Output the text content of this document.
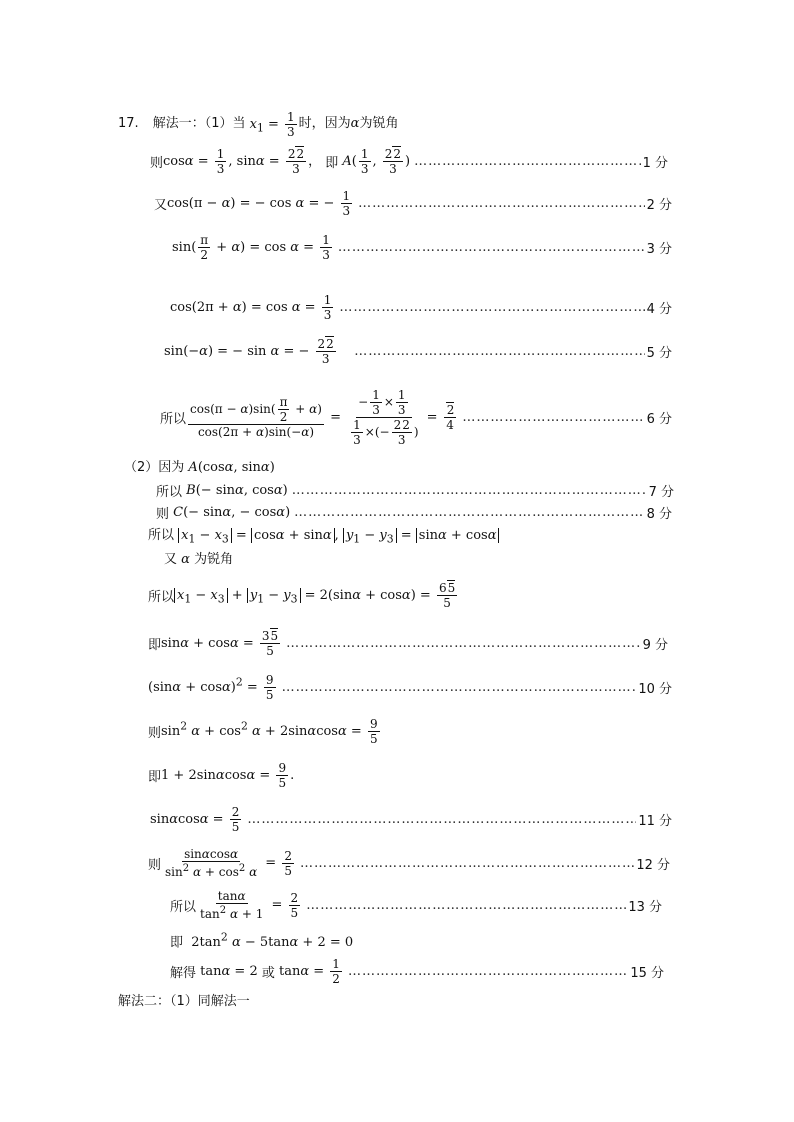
17. 解法一：（1）当 $x_1 = \frac{1}{3}$ 时，因为 α 为锐角
则 $\cos\alpha = \frac{1}{3}$ , $\sin\alpha = \frac{22}{3}$ ， 即 $A( \frac{1}{3}$ , $\frac{22}{3}$ ) ……………………………………………………………………………………………………………………………………………………………………	1 分
又 cos(π − α) = − cos α = − $\frac{1}{3}$ ……………………………………………………………………………………………………………………………………………………………………	2 分
$\sin( \frac{\pi}{2} + \alpha) = \cos \alpha = \frac{1}{3}$ ……………………………………………………………………………………………………………………………………………………………………	3 分
$\cos(2\pi + \alpha) = \cos \alpha = \frac{1}{3}$ ……………………………………………………………………………………………………………………………………………………………………	4 分
sin(−α) = − sin α = − $\frac{22}{3}$
……………………………………………………………………………………………………………………………………………………………………	5 分
所以 $\frac{\cos(\pi - \alpha)\sin( \frac{\pi}{2} + \alpha)}{\cos(2\pi + \alpha)\sin(-\alpha)} = \frac{- \frac{1}{3} \times \frac{1}{3}}{\frac{1}{3} \times(- \frac{22}{3} )} = \frac{2}{4}$ ……………………………………………………………………………………………………………………………………………………………………	6 分
（2）因为 A(cosα, sinα)
所以 B(− sinα, cosα) ……………………………………………………………………………………………………………………………………………………………………	7 分
则 C(− sinα, − cosα) ……………………………………………………………………………………………………………………………………………………………………	8 分
所以 $x_1 - x_3 = \cos\alpha + \sin\alpha$ , $y_1 - y_3 = \sin\alpha + \cos\alpha$
又 α 为锐角
所以 $x_1 - x_3 + y_1 - y_3 = 2(\sin\alpha + \cos\alpha) = \frac{65}{5}$
即 $\sin\alpha + \cos\alpha = \frac{35}{5}$ ……………………………………………………………………………………………………………………………………………………………………	9 分
$(\sin\alpha + \cos\alpha)^2 = \frac{9}{5}$ ……………………………………………………………………………………………………………………………………………………………………	10 分
则 $\sin^2 \alpha + \cos^2 \alpha + 2\sin\alpha\cos\alpha = \frac{9}{5}$
即 $1 + 2\sin\alpha\cos\alpha = \frac{9}{5}$ .
$\sin\alpha\cos\alpha = \frac{2}{5}$ ……………………………………………………………………………………………………………………………………………………………………	11 分
则 $\frac{\sin\alpha\cos\alpha}{\sin^2 \alpha + \cos^2 \alpha} = \frac{2}{5}$ ……………………………………………………………………………………………………………………………………………………………………	12 分
所以 $\frac{\tan\alpha}{\tan^2 \alpha + 1} = \frac{2}{5}$ ……………………………………………………………………………………………………………………………………………………………………	13 分
即  $2\tan^2$ α − 5tanα + 2 = 0
解得 tanα = 2 或 $\tan\alpha = \frac{1}{2}$ ……………………………………………………………………………………………………………………………………………………………………	15 分
解法二：（1）同解法一
